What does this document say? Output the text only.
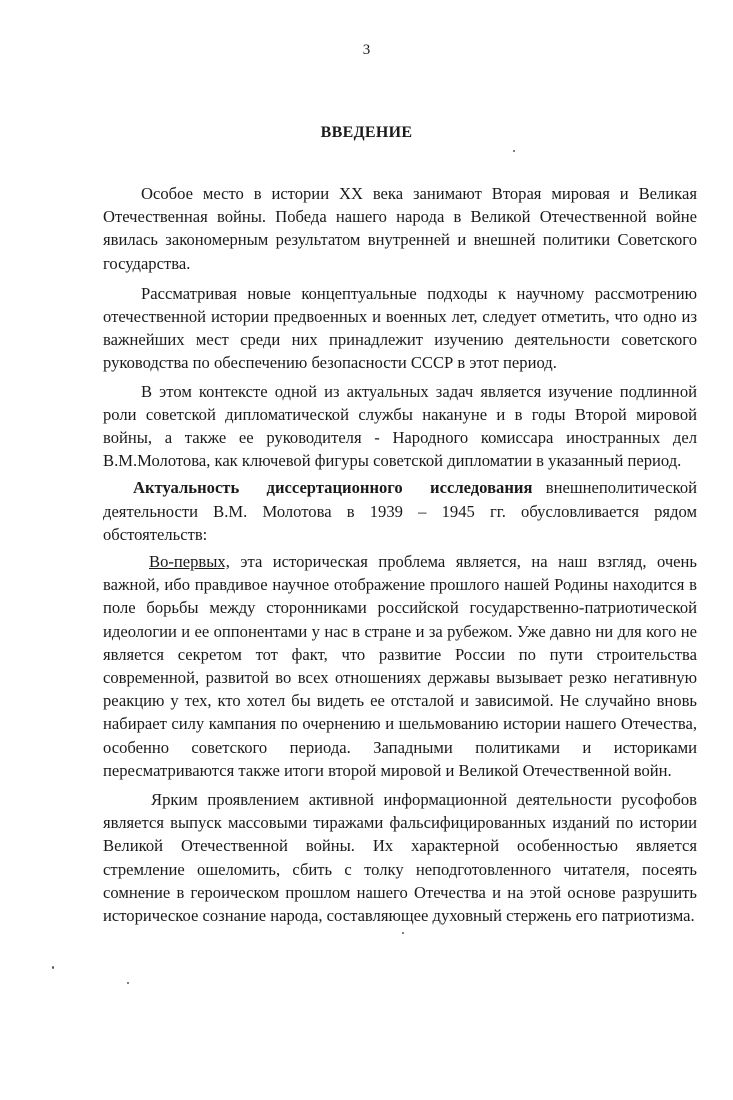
3
ВВЕДЕНИЕ

Особое место в истории XX века занимают Вторая мировая и Великая Отечественная войны. Победа нашего народа в Великой Отечественной войне явилась закономерным результатом внутренней и внешней политики Советского государства.

Рассматривая новые концептуальные подходы к научному рассмотрению отечественной истории предвоенных и военных лет, следует отметить, что одно из важнейших мест среди них принадлежит изучению деятельности советского руководства по обеспечению безопасности СССР в этот период.

В этом контексте одной из актуальных задач является изучение подлинной роли советской дипломатической службы накануне и в годы Второй мировой войны, а также ее руководителя - Народного комиссара иностранных дел В.М.Молотова, как ключевой фигуры советской дипломатии в указанный период.

Актуальность диссертационного исследования внешнеполитической деятельности В.М. Молотова в 1939 – 1945 гг. обусловливается рядом обстоятельств:

Во-первых, эта историческая проблема является, на наш взгляд, очень важной, ибо правдивое научное отображение прошлого нашей Родины находится в поле борьбы между сторонниками российской государственно-патриотической идеологии и ее оппонентами у нас в стране и за рубежом. Уже давно ни для кого не является секретом тот факт, что развитие России по пути строительства современной, развитой во всех отношениях державы вызывает резко негативную реакцию у тех, кто хотел бы видеть ее отсталой и зависимой. Не случайно вновь набирает силу кампания по очернению и шельмованию истории нашего Отечества, особенно советского периода. Западными политиками и историками пересматриваются также итоги второй мировой и Великой Отечественной войн.

Ярким проявлением активной информационной деятельности русофобов является выпуск массовыми тиражами фальсифицированных изданий по истории Великой Отечественной войны. Их характерной особенностью является стремление ошеломить, сбить с толку неподготовленного читателя, посеять сомнение в героическом прошлом нашего Отечества и на этой основе разрушить историческое сознание народа, составляющее духовный стержень его патриотизма.
